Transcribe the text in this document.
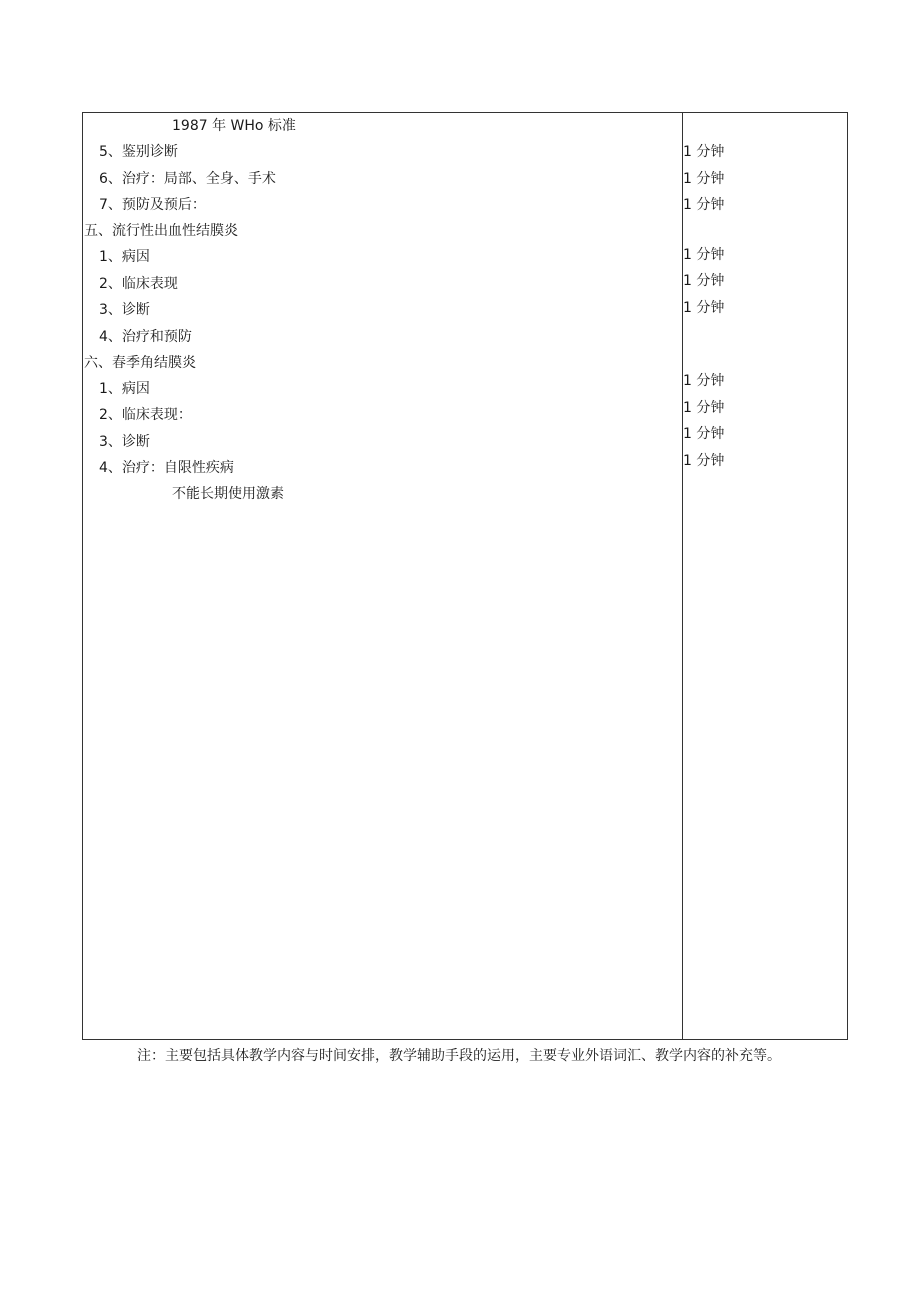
1987 年 WHo 标准
5、鉴别诊断
6、治疗：局部、全身、手术
7、预防及预后：
五、流行性出血性结膜炎
1、病因
2、临床表现
3、诊断
4、治疗和预防
六、春季角结膜炎
1、病因
2、临床表现：
3、诊断
4、治疗：自限性疾病
不能长期使用激素
1 分钟
1 分钟
1 分钟
1 分钟
1 分钟
1 分钟
1 分钟
1 分钟
1 分钟
1 分钟
注：主要包括具体教学内容与时间安排，教学辅助手段的运用，主要专业外语词汇、教学内容的补充等。
